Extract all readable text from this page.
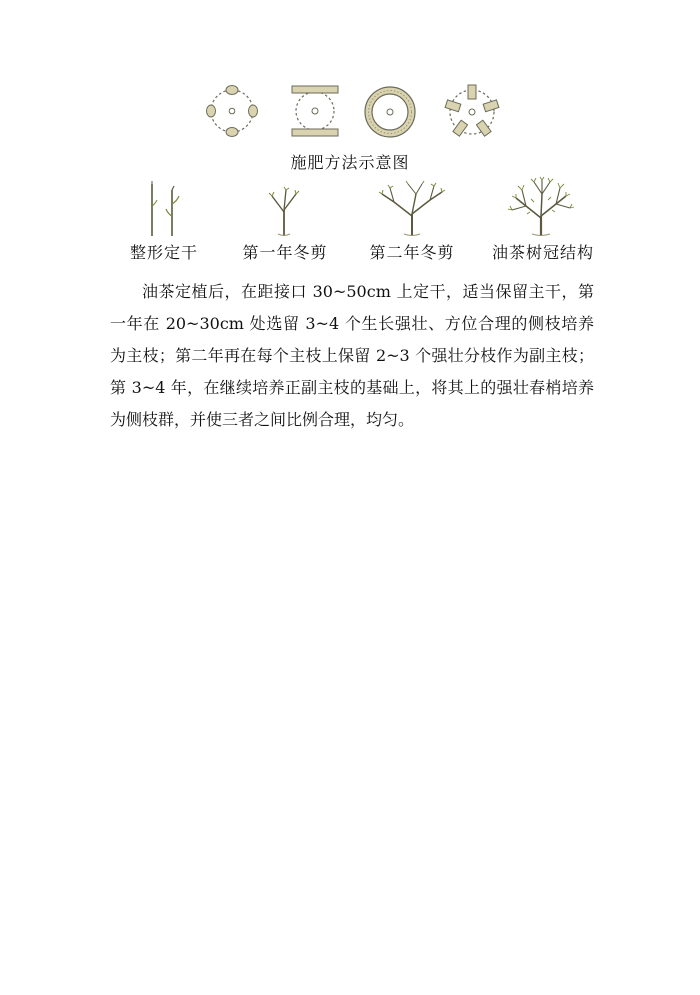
施肥方法示意图
整形定干	第一年冬剪	第二年冬剪	油茶树冠结构
油茶定植后，在距接口 30~50cm 上定干，适当保留主干，第一年在 20~30cm 处选留 3~4 个生长强壮、方位合理的侧枝培养为主枝；第二年再在每个主枝上保留 2~3 个强壮分枝作为副主枝；第 3~4 年，在继续培养正副主枝的基础上，将其上的强壮春梢培养为侧枝群，并使三者之间比例合理，均匀。
